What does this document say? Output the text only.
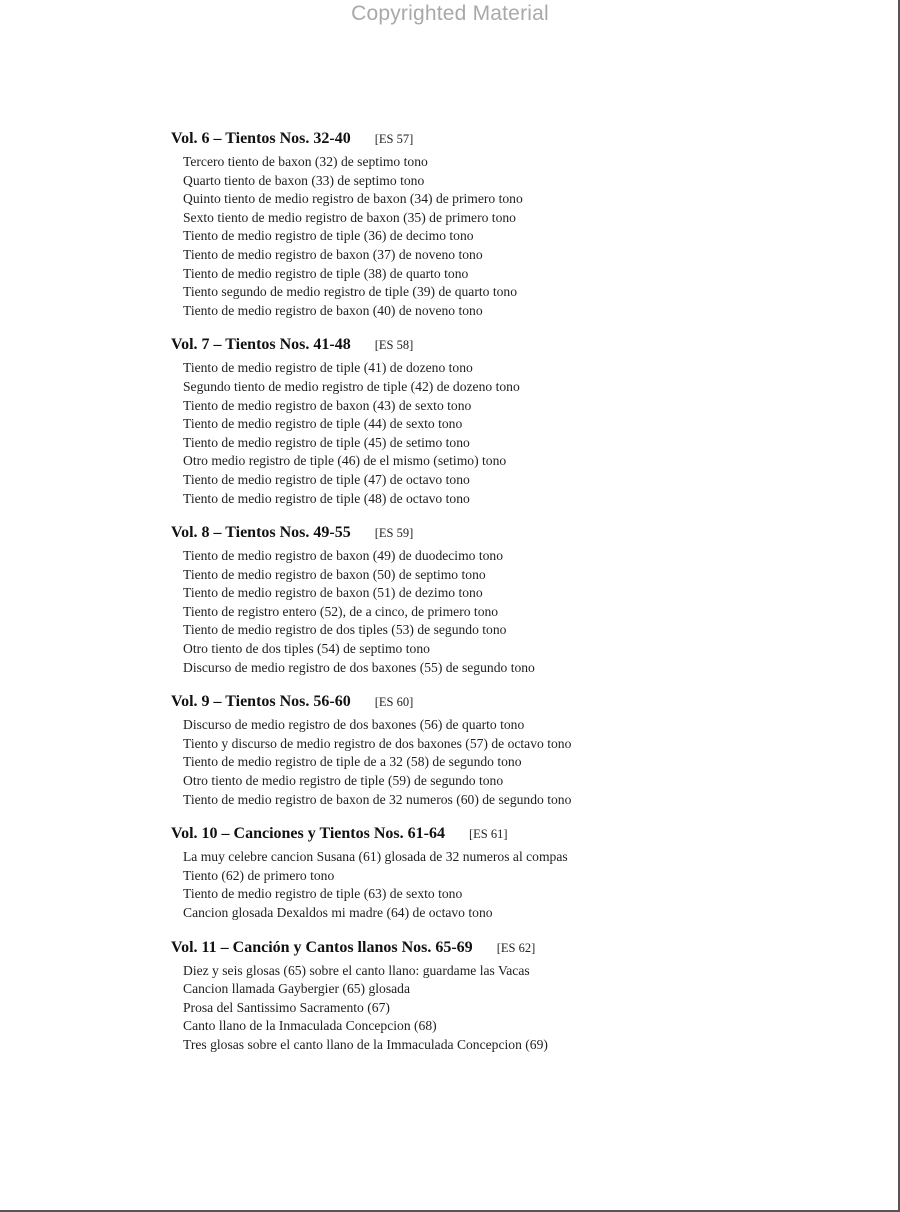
Copyrighted Material
Vol. 6 – Tientos Nos. 32-40 [ES 57]
Tercero tiento de baxon (32) de septimo tono
Quarto tiento de baxon (33) de septimo tono
Quinto tiento de medio registro de baxon (34) de primero tono
Sexto tiento de medio registro de baxon (35) de primero tono
Tiento de medio registro de tiple (36) de decimo tono
Tiento de medio registro de baxon (37) de noveno tono
Tiento de medio registro de tiple (38) de quarto tono
Tiento segundo de medio registro de tiple (39) de quarto tono
Tiento de medio registro de baxon (40) de noveno tono
Vol. 7 – Tientos Nos. 41-48 [ES 58]
Tiento de medio registro de tiple (41) de dozeno tono
Segundo tiento de medio registro de tiple (42) de dozeno tono
Tiento de medio registro de baxon (43) de sexto tono
Tiento de medio registro de tiple (44) de sexto tono
Tiento de medio registro de tiple (45) de setimo tono
Otro medio registro de tiple (46) de el mismo (setimo) tono
Tiento de medio registro de tiple (47) de octavo tono
Tiento de medio registro de tiple (48) de octavo tono
Vol. 8 – Tientos Nos. 49-55 [ES 59]
Tiento de medio registro de baxon (49) de duodecimo tono
Tiento de medio registro de baxon (50) de septimo tono
Tiento de medio registro de baxon (51) de dezimo tono
Tiento de registro entero (52), de a cinco, de primero tono
Tiento de medio registro de dos tiples (53) de segundo tono
Otro tiento de dos tiples (54) de septimo tono
Discurso de medio registro de dos baxones (55) de segundo tono
Vol. 9 – Tientos Nos. 56-60 [ES 60]
Discurso de medio registro de dos baxones (56) de quarto tono
Tiento y discurso de medio registro de dos baxones (57) de octavo tono
Tiento de medio registro de tiple de a 32 (58) de segundo tono
Otro tiento de medio registro de tiple (59) de segundo tono
Tiento de medio registro de baxon de 32 numeros (60) de segundo tono
Vol. 10 – Canciones y Tientos Nos. 61-64 [ES 61]
La muy celebre cancion Susana (61) glosada de 32 numeros al compas
Tiento (62) de primero tono
Tiento de medio registro de tiple (63) de sexto tono
Cancion glosada Dexaldos mi madre (64) de octavo tono
Vol. 11 – Canción y Cantos llanos Nos. 65-69 [ES 62]
Diez y seis glosas (65) sobre el canto llano: guardame las Vacas
Cancion llamada Gaybergier (65) glosada
Prosa del Santissimo Sacramento (67)
Canto llano de la Inmaculada Concepcion (68)
Tres glosas sobre el canto llano de la Immaculada Concepcion (69)
